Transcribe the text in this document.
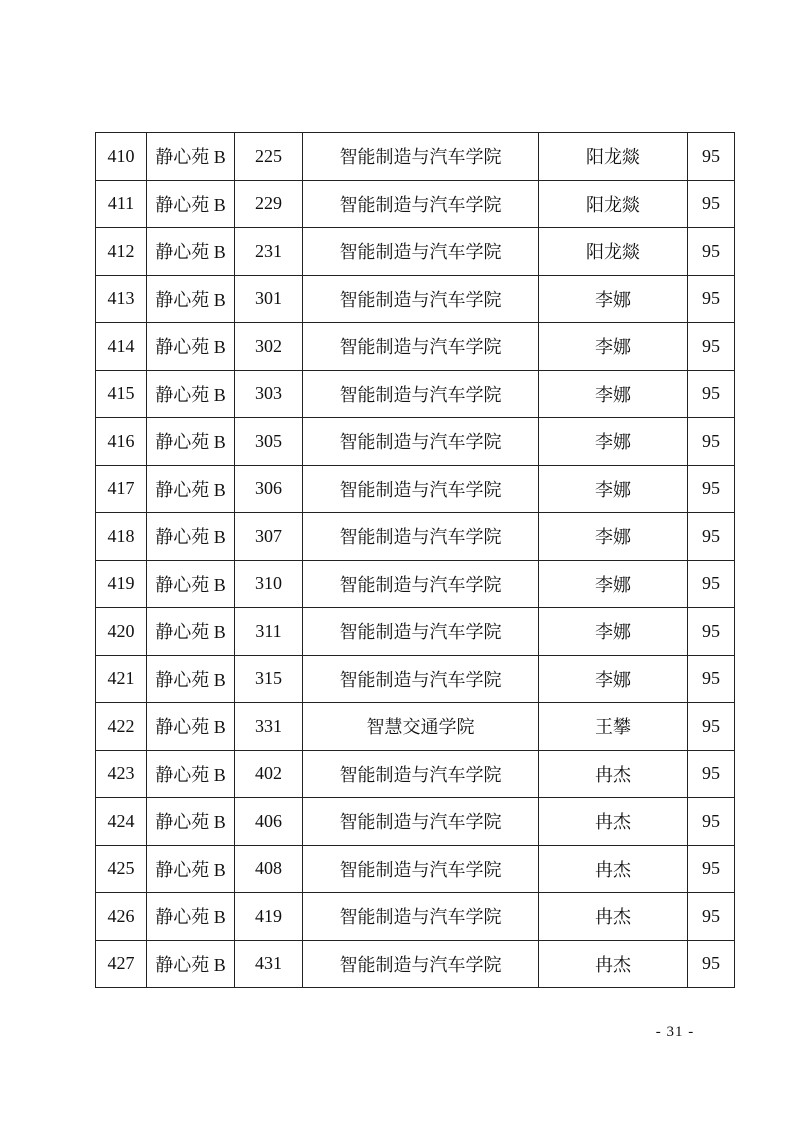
410	静心苑 B	225	智能制造与汽车学院	阳龙燚	95
411	静心苑 B	229	智能制造与汽车学院	阳龙燚	95
412	静心苑 B	231	智能制造与汽车学院	阳龙燚	95
413	静心苑 B	301	智能制造与汽车学院	李娜	95
414	静心苑 B	302	智能制造与汽车学院	李娜	95
415	静心苑 B	303	智能制造与汽车学院	李娜	95
416	静心苑 B	305	智能制造与汽车学院	李娜	95
417	静心苑 B	306	智能制造与汽车学院	李娜	95
418	静心苑 B	307	智能制造与汽车学院	李娜	95
419	静心苑 B	310	智能制造与汽车学院	李娜	95
420	静心苑 B	311	智能制造与汽车学院	李娜	95
421	静心苑 B	315	智能制造与汽车学院	李娜	95
422	静心苑 B	331	智慧交通学院	王攀	95
423	静心苑 B	402	智能制造与汽车学院	冉杰	95
424	静心苑 B	406	智能制造与汽车学院	冉杰	95
425	静心苑 B	408	智能制造与汽车学院	冉杰	95
426	静心苑 B	419	智能制造与汽车学院	冉杰	95
427	静心苑 B	431	智能制造与汽车学院	冉杰	95
- 31 -
